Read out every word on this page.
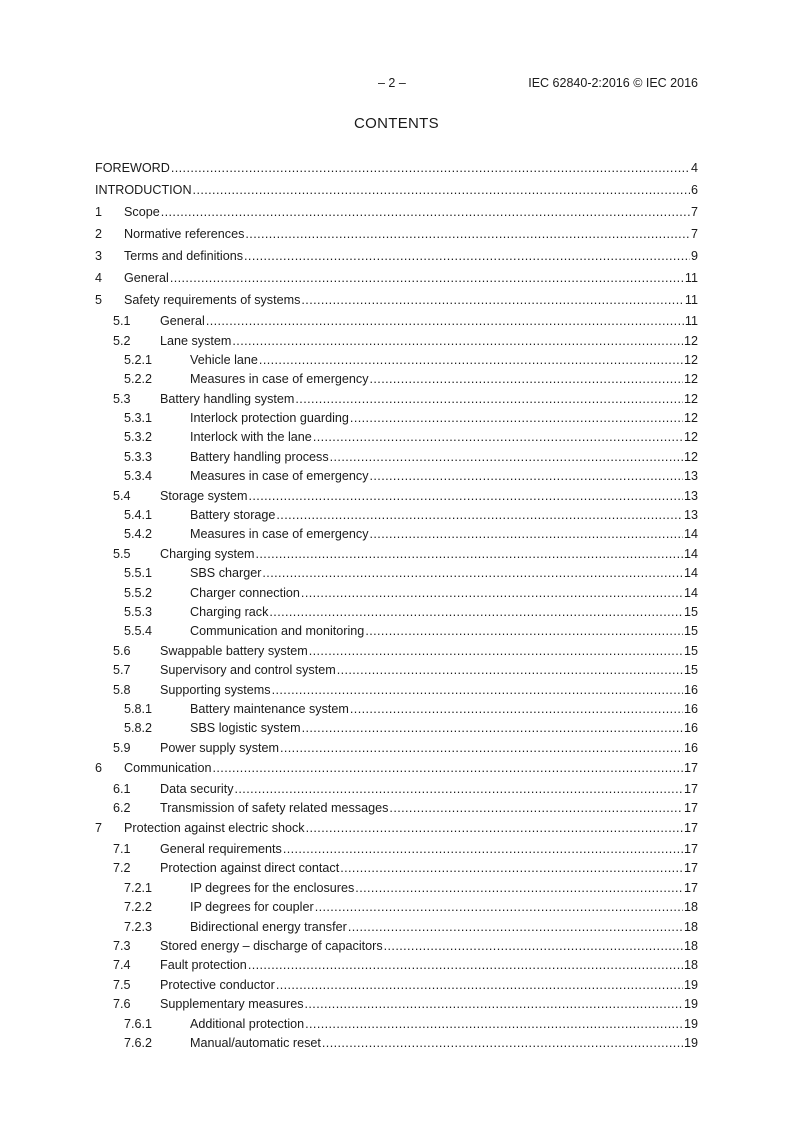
– 2 –	IEC 62840-2:2016 © IEC 2016
CONTENTS
FOREWORD .....	4
INTRODUCTION .....	6
1	Scope .....	7
2	Normative references .....	7
3	Terms and definitions .....	9
4	General .....	11
5	Safety requirements of systems .....	11
5.1	General .....	11
5.2	Lane system .....	12
5.2.1	Vehicle lane .....	12
5.2.2	Measures in case of emergency .....	12
5.3	Battery handling system .....	12
5.3.1	Interlock protection guarding .....	12
5.3.2	Interlock with the lane .....	12
5.3.3	Battery handling process .....	12
5.3.4	Measures in case of emergency .....	13
5.4	Storage system .....	13
5.4.1	Battery storage .....	13
5.4.2	Measures in case of emergency .....	14
5.5	Charging system .....	14
5.5.1	SBS charger .....	14
5.5.2	Charger connection .....	14
5.5.3	Charging rack .....	15
5.5.4	Communication and monitoring .....	15
5.6	Swappable battery system .....	15
5.7	Supervisory and control system .....	15
5.8	Supporting systems .....	16
5.8.1	Battery maintenance system .....	16
5.8.2	SBS logistic system .....	16
5.9	Power supply system .....	16
6	Communication .....	17
6.1	Data security .....	17
6.2	Transmission of safety related messages .....	17
7	Protection against electric shock .....	17
7.1	General requirements .....	17
7.2	Protection against direct contact .....	17
7.2.1	IP degrees for the enclosures .....	17
7.2.2	IP degrees for coupler .....	18
7.2.3	Bidirectional energy transfer .....	18
7.3	Stored energy – discharge of capacitors .....	18
7.4	Fault protection .....	18
7.5	Protective conductor .....	19
7.6	Supplementary measures .....	19
7.6.1	Additional protection .....	19
7.6.2	Manual/automatic reset .....	19
